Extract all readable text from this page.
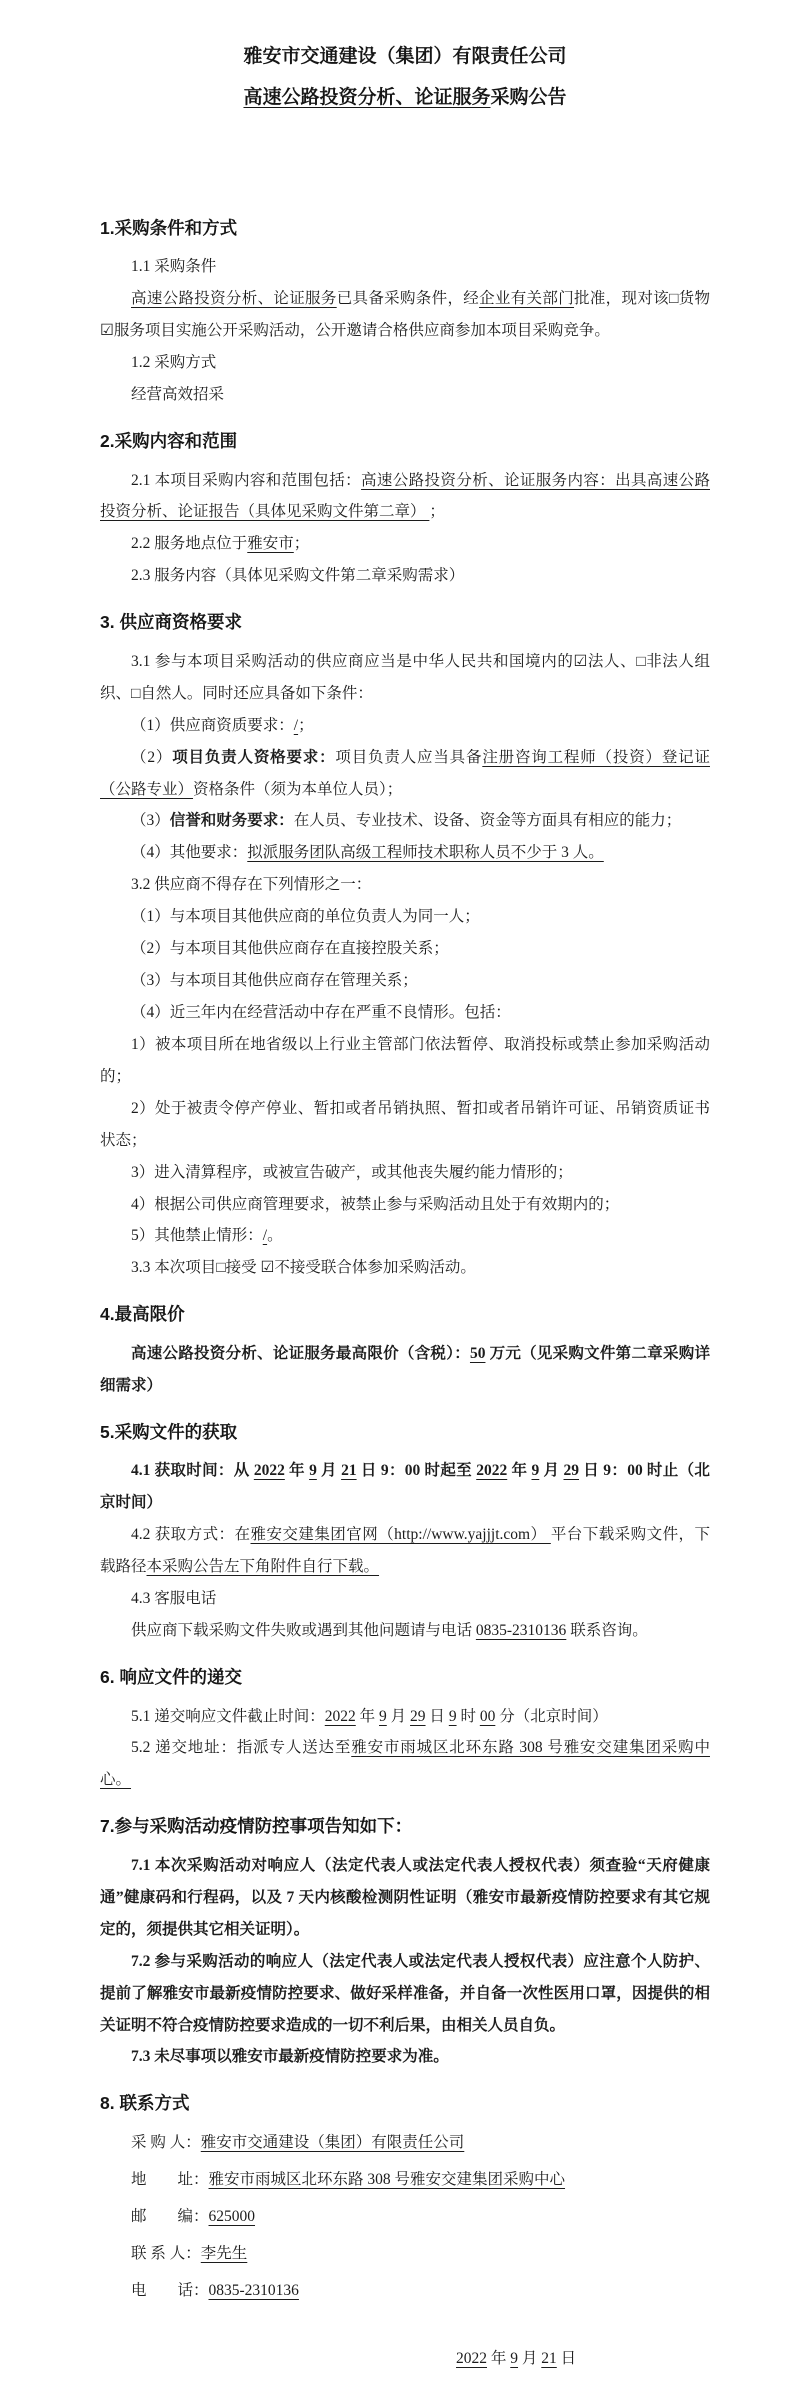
雅安市交通建设（集团）有限责任公司
高速公路投资分析、论证服务采购公告
1.采购条件和方式

1.1 采购条件

高速公路投资分析、论证服务已具备采购条件，经企业有关部门批准，现对该□货物☑服务项目实施公开采购活动，公开邀请合格供应商参加本项目采购竞争。

1.2 采购方式

经营高效招采

2.采购内容和范围

2.1 本项目采购内容和范围包括：高速公路投资分析、论证服务内容：出具高速公路投资分析、论证报告（具体见采购文件第二章） ；

2.2 服务地点位于雅安市；

2.3 服务内容（具体见采购文件第二章采购需求）

3. 供应商资格要求

3.1 参与本项目采购活动的供应商应当是中华人民共和国境内的☑法人、□非法人组织、□自然人。同时还应具备如下条件：

（1）供应商资质要求：/；

（2）项目负责人资格要求：项目负责人应当具备注册咨询工程师（投资）登记证（公路专业）资格条件（须为本单位人员）；

（3）信誉和财务要求：在人员、专业技术、设备、资金等方面具有相应的能力；

（4）其他要求：拟派服务团队高级工程师技术职称人员不少于 3 人。

3.2 供应商不得存在下列情形之一：

（1）与本项目其他供应商的单位负责人为同一人；

（2）与本项目其他供应商存在直接控股关系；

（3）与本项目其他供应商存在管理关系；

（4）近三年内在经营活动中存在严重不良情形。包括：

1）被本项目所在地省级以上行业主管部门依法暂停、取消投标或禁止参加采购活动的；

2）处于被责令停产停业、暂扣或者吊销执照、暂扣或者吊销许可证、吊销资质证书状态；

3）进入清算程序，或被宣告破产，或其他丧失履约能力情形的；

4）根据公司供应商管理要求，被禁止参与采购活动且处于有效期内的；

5）其他禁止情形：/。

3.3 本次项目□接受 ☑不接受联合体参加采购活动。

4.最高限价

高速公路投资分析、论证服务最高限价（含税）：50 万元（见采购文件第二章采购详细需求）

5.采购文件的获取

4.1 获取时间：从 2022 年 9 月 21 日 9：00 时起至 2022 年 9 月 29 日 9：00 时止（北京时间）

4.2 获取方式：在雅安交建集团官网（http://www.yajjjt.com） 平台下载采购文件，下载路径本采购公告左下角附件自行下载。

4.3 客服电话

供应商下载采购文件失败或遇到其他问题请与电话 0835-2310136 联系咨询。

6. 响应文件的递交

5.1 递交响应文件截止时间：2022 年 9 月 29 日 9 时 00 分（北京时间）

5.2 递交地址：指派专人送达至雅安市雨城区北环东路 308 号雅安交建集团采购中心。

7.参与采购活动疫情防控事项告知如下：

7.1 本次采购活动对响应人（法定代表人或法定代表人授权代表）须查验“天府健康通”健康码和行程码，以及 7 天内核酸检测阴性证明（雅安市最新疫情防控要求有其它规定的，须提供其它相关证明）。

7.2 参与采购活动的响应人（法定代表人或法定代表人授权代表）应注意个人防护、提前了解雅安市最新疫情防控要求、做好采样准备，并自备一次性医用口罩，因提供的相关证明不符合疫情防控要求造成的一切不利后果，由相关人员自负。

7.3 未尽事项以雅安市最新疫情防控要求为准。

8. 联系方式

采 购 人：雅安市交通建设（集团）有限责任公司

地　　址：雅安市雨城区北环东路 308 号雅安交建集团采购中心

邮　　编：625000

联 系 人：李先生

电　　话：0835-2310136

2022 年 9 月 21 日
